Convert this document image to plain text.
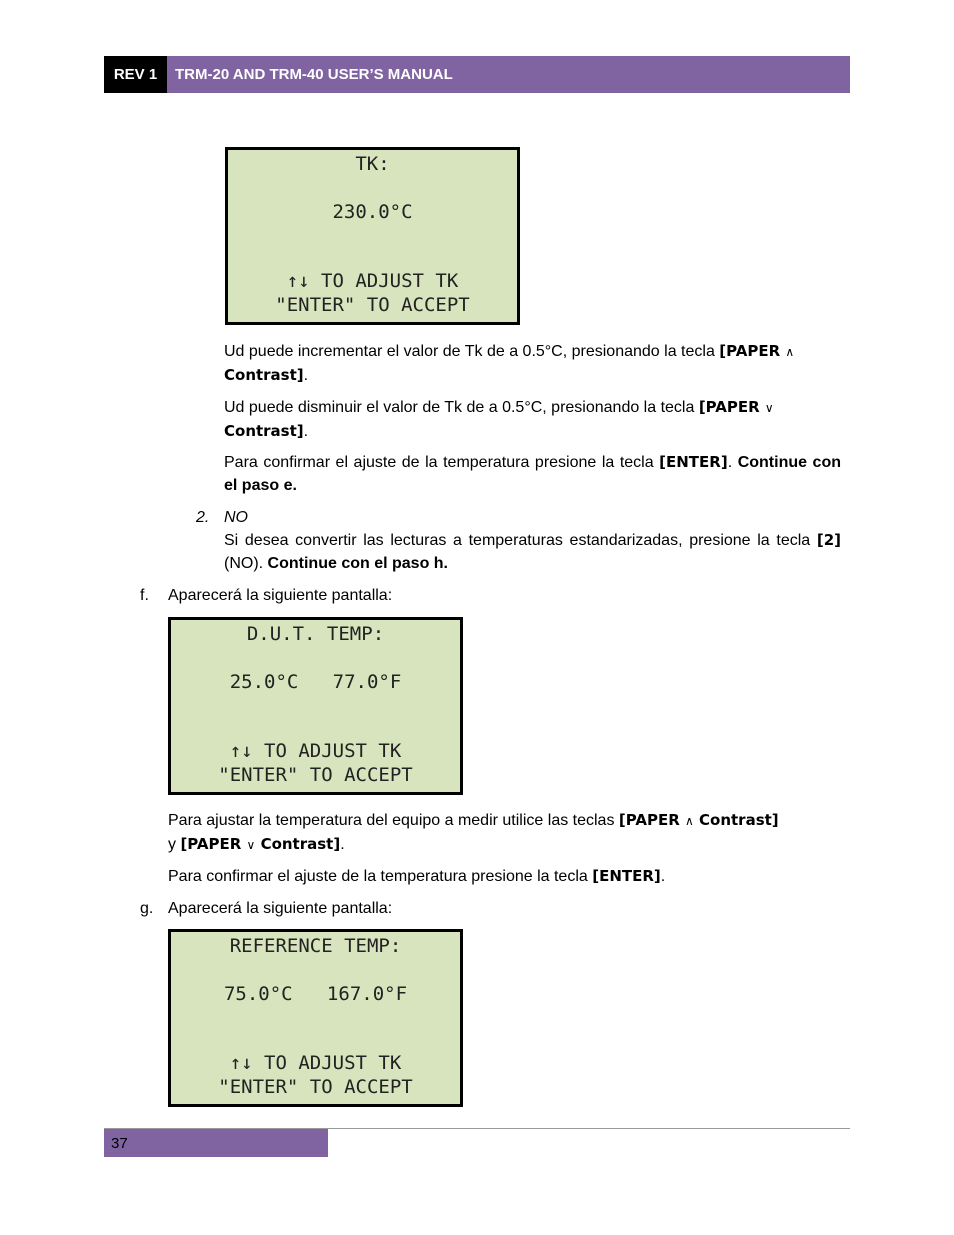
REV 1	TRM-20 AND TRM-40 USER’S MANUAL
TK:
230.0°C
↑↓ TO ADJUST TK
"ENTER" TO ACCEPT
Ud puede incrementar el valor de Tk de a 0.5°C, presionando la tecla [PAPER ∧
Contrast].
Ud puede disminuir el valor de Tk de a 0.5°C, presionando la tecla [PAPER ∨
Contrast].
Para confirmar el ajuste de la temperatura presione la tecla [ENTER]. Continue con el paso e.
2. NO
Si desea convertir las lecturas a temperaturas estandarizadas, presione la tecla [2] (NO). Continue con el paso h.
f. Aparecerá la siguiente pantalla:
D.U.T. TEMP:
25.0°C   77.0°F
↑↓ TO ADJUST TK
"ENTER" TO ACCEPT
Para ajustar la temperatura del equipo a medir utilice las teclas [PAPER ∧ Contrast]
y [PAPER ∨ Contrast].
Para confirmar el ajuste de la temperatura presione la tecla [ENTER].
g. Aparecerá la siguiente pantalla:
REFERENCE TEMP:
75.0°C   167.0°F
↑↓ TO ADJUST TK
"ENTER" TO ACCEPT
37
